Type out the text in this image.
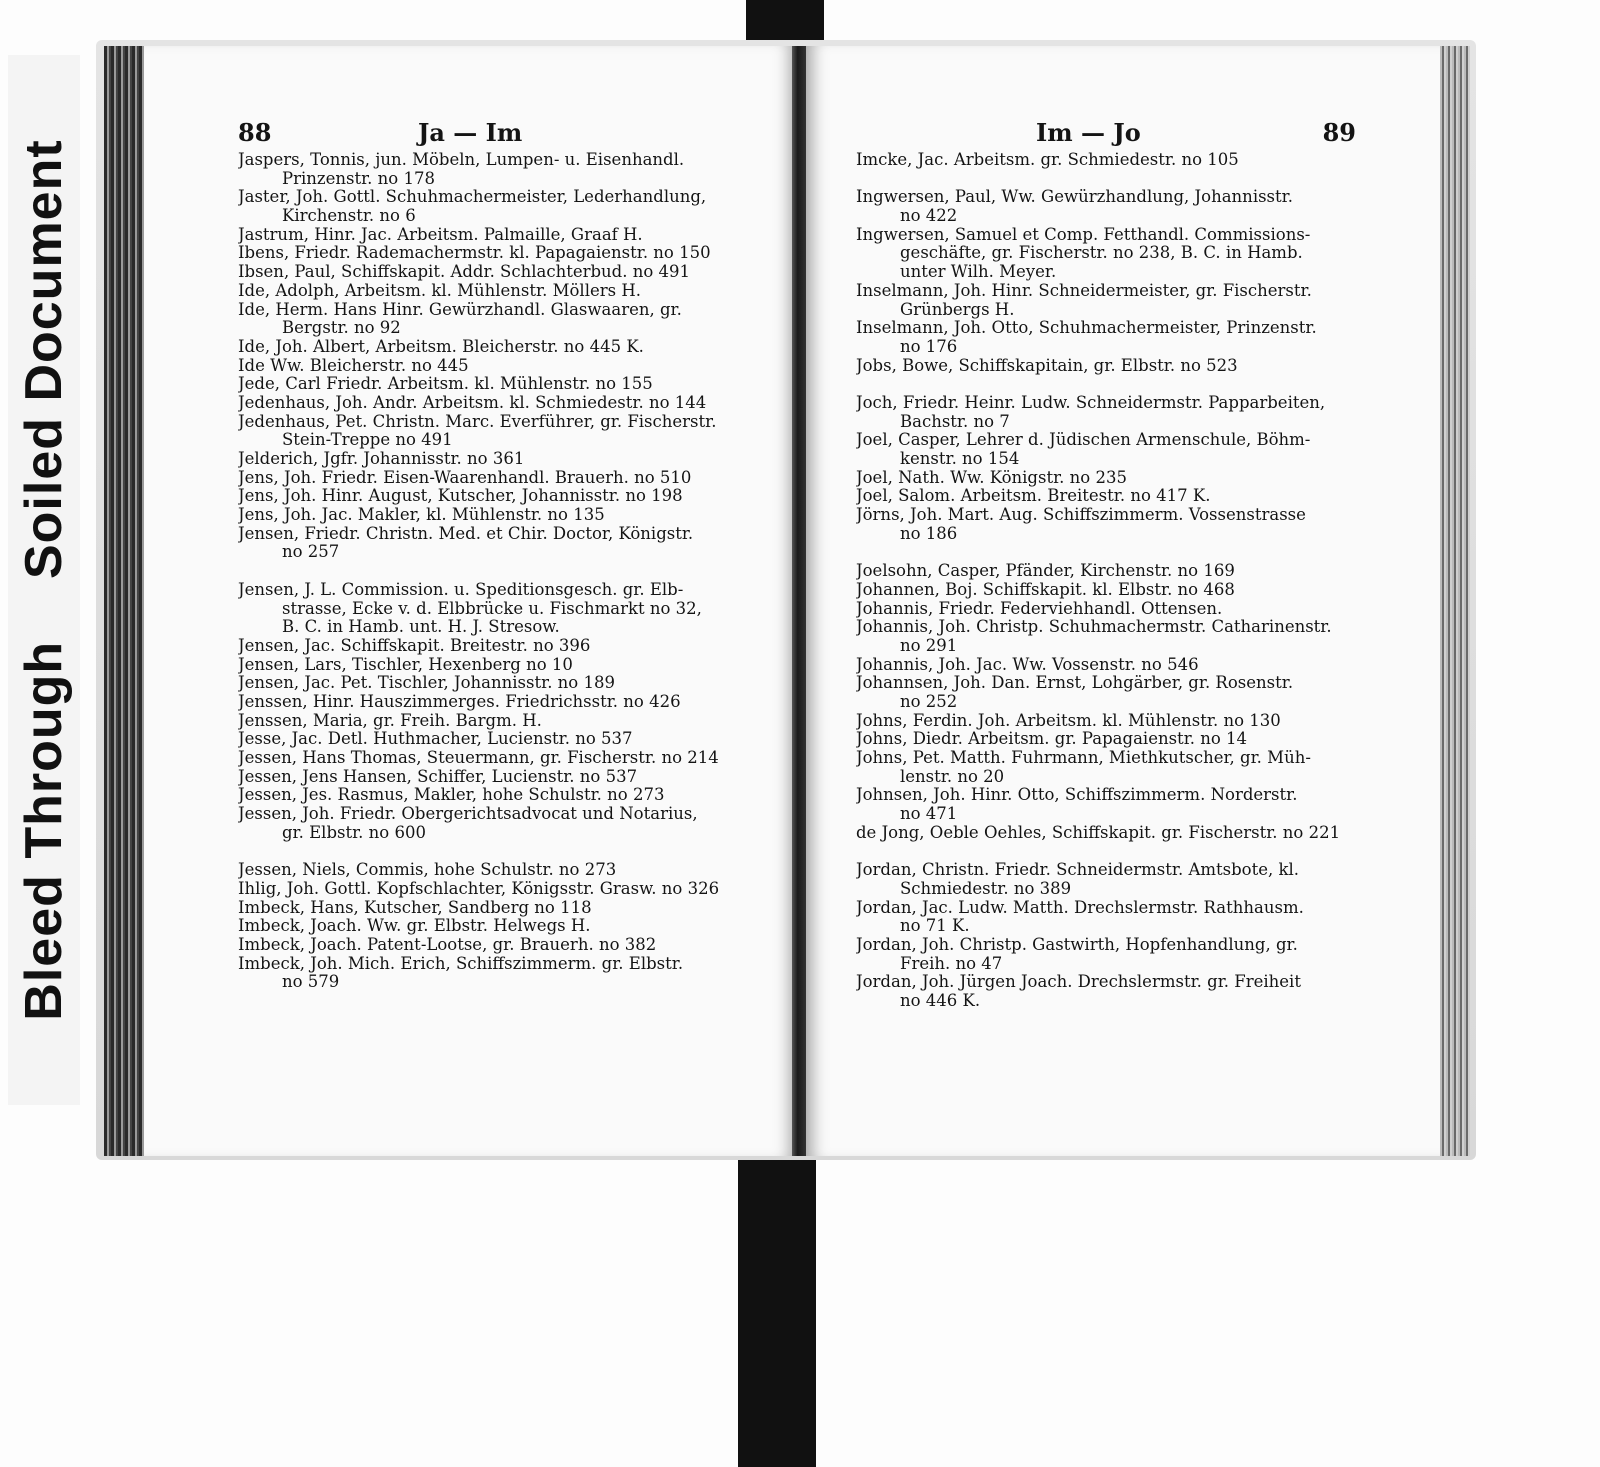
Bleed Through    Soiled Document
88	Ja — Im	Im — Jo	89
Jaspers, Tonnis, jun. Möbeln, Lumpen- u. Eisenhandl.
Prinzenstr. no 178
Jaster, Joh. Gottl. Schuhmachermeister, Lederhandlung,
Kirchenstr. no 6
Jastrum, Hinr. Jac. Arbeitsm. Palmaille, Graaf H.
Ibens, Friedr. Rademachermstr. kl. Papagaienstr. no 150
Ibsen, Paul, Schiffskapit. Addr. Schlachterbud. no 491
Ide, Adolph, Arbeitsm. kl. Mühlenstr. Möllers H.
Ide, Herm. Hans Hinr. Gewürzhandl. Glaswaaren, gr.
Bergstr. no 92
Ide, Joh. Albert, Arbeitsm. Bleicherstr. no 445 K.
Ide Ww. Bleicherstr. no 445
Jede, Carl Friedr. Arbeitsm. kl. Mühlenstr. no 155
Jedenhaus, Joh. Andr. Arbeitsm. kl. Schmiedestr. no 144
Jedenhaus, Pet. Christn. Marc. Everführer, gr. Fischerstr.
Stein-Treppe no 491
Jelderich, Jgfr. Johannisstr. no 361
Jens, Joh. Friedr. Eisen-Waarenhandl. Brauerh. no 510
Jens, Joh. Hinr. August, Kutscher, Johannisstr. no 198
Jens, Joh. Jac. Makler, kl. Mühlenstr. no 135
Jensen, Friedr. Christn. Med. et Chir. Doctor, Königstr.
no 257
Jensen, J. L. Commission. u. Speditionsgesch. gr. Elb-
strasse, Ecke v. d. Elbbrücke u. Fischmarkt no 32,
B. C. in Hamb. unt. H. J. Stresow.
Jensen, Jac. Schiffskapit. Breitestr. no 396
Jensen, Lars, Tischler, Hexenberg no 10
Jensen, Jac. Pet. Tischler, Johannisstr. no 189
Jenssen, Hinr. Hauszimmerges. Friedrichsstr. no 426
Jenssen, Maria, gr. Freih. Bargm. H.
Jesse, Jac. Detl. Huthmacher, Lucienstr. no 537
Jessen, Hans Thomas, Steuermann, gr. Fischerstr. no 214
Jessen, Jens Hansen, Schiffer, Lucienstr. no 537
Jessen, Jes. Rasmus, Makler, hohe Schulstr. no 273
Jessen, Joh. Friedr. Obergerichtsadvocat und Notarius,
gr. Elbstr. no 600
Jessen, Niels, Commis, hohe Schulstr. no 273
Ihlig, Joh. Gottl. Kopfschlachter, Königsstr. Grasw. no 326
Imbeck, Hans, Kutscher, Sandberg no 118
Imbeck, Joach. Ww. gr. Elbstr. Helwegs H.
Imbeck, Joach. Patent-Lootse, gr. Brauerh. no 382
Imbeck, Joh. Mich. Erich, Schiffszimmerm. gr. Elbstr.
no 579
Imcke, Jac. Arbeitsm. gr. Schmiedestr. no 105
Ingwersen, Paul, Ww. Gewürzhandlung, Johannisstr.
no 422
Ingwersen, Samuel et Comp. Fetthandl. Commissions-
geschäfte, gr. Fischerstr. no 238, B. C. in Hamb.
unter Wilh. Meyer.
Inselmann, Joh. Hinr. Schneidermeister, gr. Fischerstr.
Grünbergs H.
Inselmann, Joh. Otto, Schuhmachermeister, Prinzenstr.
no 176
Jobs, Bowe, Schiffskapitain, gr. Elbstr. no 523
Joch, Friedr. Heinr. Ludw. Schneidermstr. Papparbeiten,
Bachstr. no 7
Joel, Casper, Lehrer d. Jüdischen Armenschule, Böhm-
kenstr. no 154
Joel, Nath. Ww. Königstr. no 235
Joel, Salom. Arbeitsm. Breitestr. no 417 K.
Jörns, Joh. Mart. Aug. Schiffszimmerm. Vossenstrasse
no 186
Joelsohn, Casper, Pfänder, Kirchenstr. no 169
Johannen, Boj. Schiffskapit. kl. Elbstr. no 468
Johannis, Friedr. Federviehhandl. Ottensen.
Johannis, Joh. Christp. Schuhmachermstr. Catharinenstr.
no 291
Johannis, Joh. Jac. Ww. Vossenstr. no 546
Johannsen, Joh. Dan. Ernst, Lohgärber, gr. Rosenstr.
no 252
Johns, Ferdin. Joh. Arbeitsm. kl. Mühlenstr. no 130
Johns, Diedr. Arbeitsm. gr. Papagaienstr. no 14
Johns, Pet. Matth. Fuhrmann, Miethkutscher, gr. Müh-
lenstr. no 20
Johnsen, Joh. Hinr. Otto, Schiffszimmerm. Norderstr.
no 471
de Jong, Oeble Oehles, Schiffskapit. gr. Fischerstr. no 221
Jordan, Christn. Friedr. Schneidermstr. Amtsbote, kl.
Schmiedestr. no 389
Jordan, Jac. Ludw. Matth. Drechslermstr. Rathhausm.
no 71 K.
Jordan, Joh. Christp. Gastwirth, Hopfenhandlung, gr.
Freih. no 47
Jordan, Joh. Jürgen Joach. Drechslermstr. gr. Freiheit
no 446 K.
